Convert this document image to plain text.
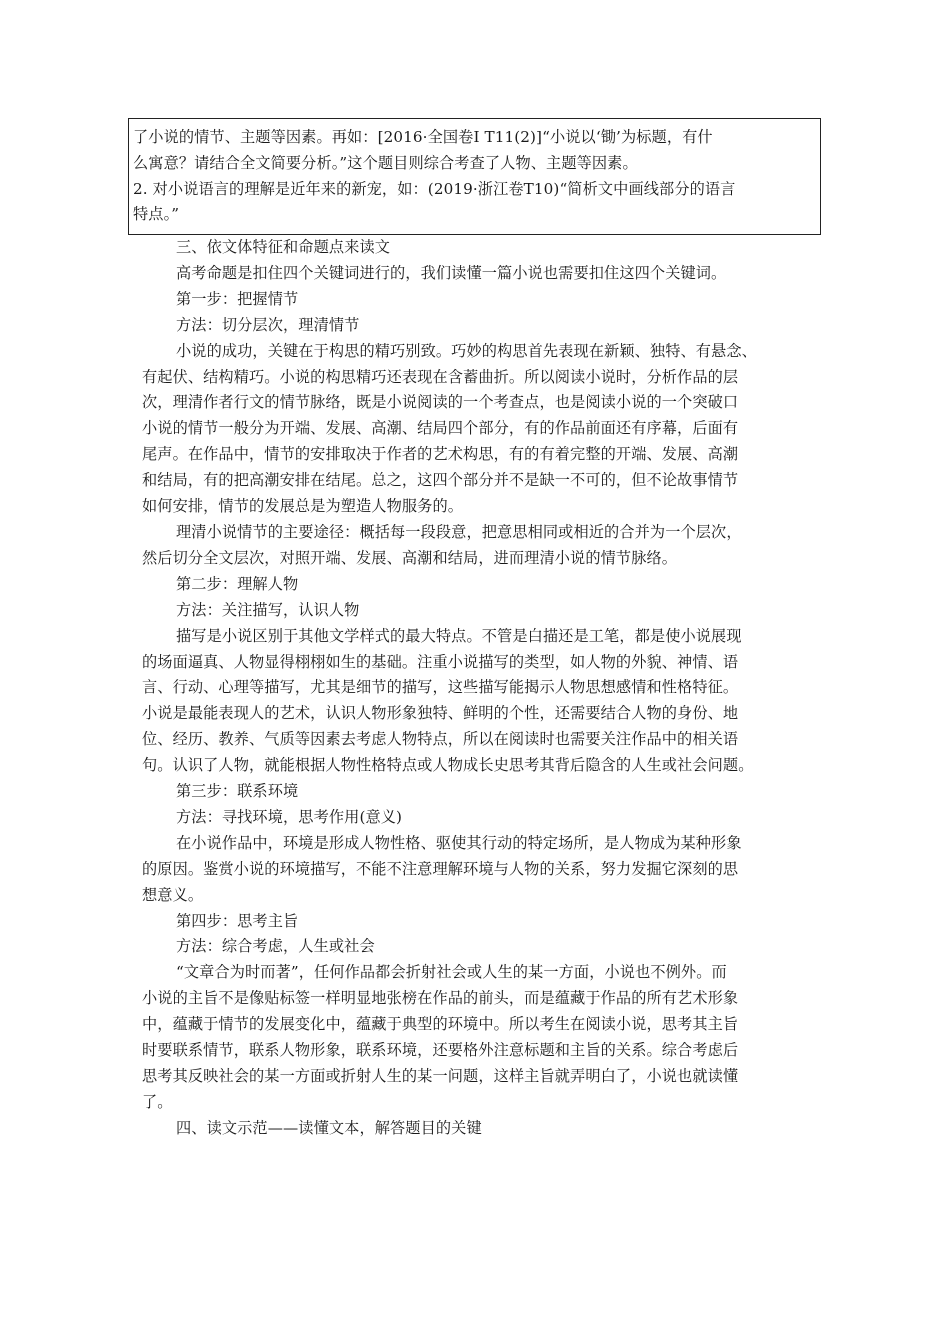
了小说的情节、主题等因素。再如：[2016·全国卷Ⅰ T11(2)]“小说以‘锄’为标题，有什
么寓意？请结合全文简要分析。”这个题目则综合考查了人物、主题等因素。
2. 对小说语言的理解是近年来的新宠，如：(2019·浙江卷T10)“简析文中画线部分的语言
特点。”
三、依文体特征和命题点来读文
高考命题是扣住四个关键词进行的，我们读懂一篇小说也需要扣住这四个关键词。
第一步：把握情节
方法：切分层次，理清情节
小说的成功，关键在于构思的精巧别致。巧妙的构思首先表现在新颖、独特、有悬念、
有起伏、结构精巧。小说的构思精巧还表现在含蓄曲折。所以阅读小说时，分析作品的层
次，理清作者行文的情节脉络，既是小说阅读的一个考查点，也是阅读小说的一个突破口
小说的情节一般分为开端、发展、高潮、结局四个部分，有的作品前面还有序幕，后面有
尾声。在作品中，情节的安排取决于作者的艺术构思，有的有着完整的开端、发展、高潮
和结局，有的把高潮安排在结尾。总之，这四个部分并不是缺一不可的，但不论故事情节
如何安排，情节的发展总是为塑造人物服务的。
理清小说情节的主要途径：概括每一段段意，把意思相同或相近的合并为一个层次，
然后切分全文层次，对照开端、发展、高潮和结局，进而理清小说的情节脉络。
第二步：理解人物
方法：关注描写，认识人物
描写是小说区别于其他文学样式的最大特点。不管是白描还是工笔，都是使小说展现
的场面逼真、人物显得栩栩如生的基础。注重小说描写的类型，如人物的外貌、神情、语
言、行动、心理等描写，尤其是细节的描写，这些描写能揭示人物思想感情和性格特征。
小说是最能表现人的艺术，认识人物形象独特、鲜明的个性，还需要结合人物的身份、地
位、经历、教养、气质等因素去考虑人物特点，所以在阅读时也需要关注作品中的相关语
句。认识了人物，就能根据人物性格特点或人物成长史思考其背后隐含的人生或社会问题。
第三步：联系环境
方法：寻找环境，思考作用(意义)
在小说作品中，环境是形成人物性格、驱使其行动的特定场所，是人物成为某种形象
的原因。鉴赏小说的环境描写，不能不注意理解环境与人物的关系，努力发掘它深刻的思
想意义。
第四步：思考主旨
方法：综合考虑，人生或社会
“文章合为时而著”，任何作品都会折射社会或人生的某一方面，小说也不例外。而
小说的主旨不是像贴标签一样明显地张榜在作品的前头，而是蕴藏于作品的所有艺术形象
中，蕴藏于情节的发展变化中，蕴藏于典型的环境中。所以考生在阅读小说，思考其主旨
时要联系情节，联系人物形象，联系环境，还要格外注意标题和主旨的关系。综合考虑后
思考其反映社会的某一方面或折射人生的某一问题，这样主旨就弄明白了，小说也就读懂
了。
四、读文示范——读懂文本，解答题目的关键
